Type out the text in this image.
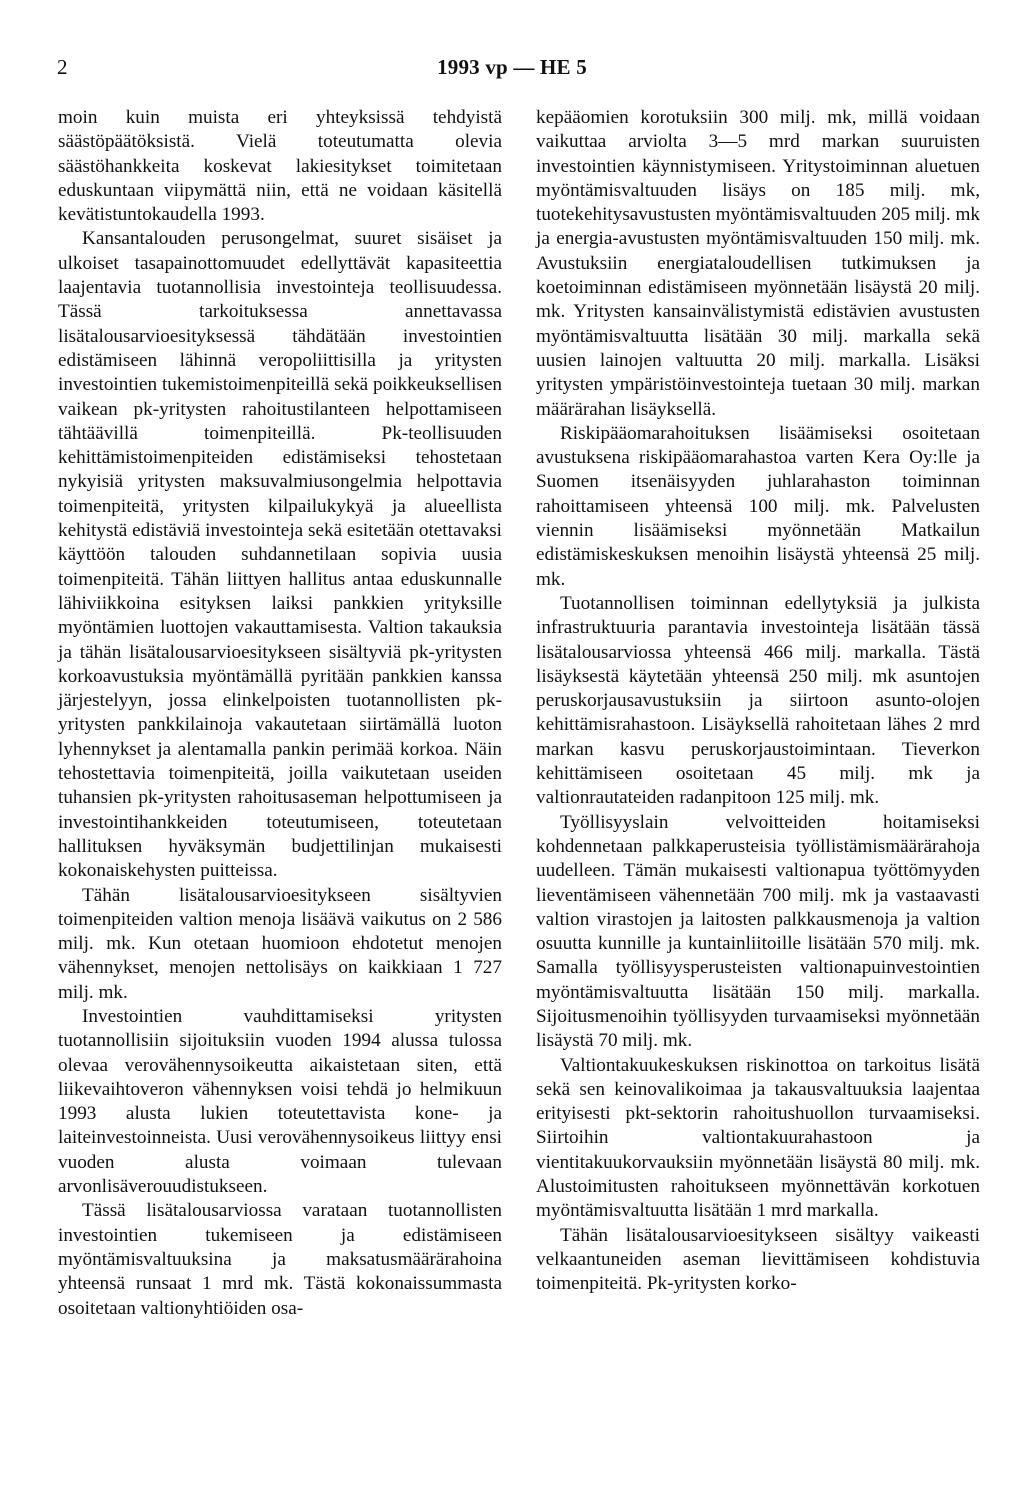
2	1993 vp — HE 5

moin kuin muista eri yhteyksissä tehdyistä säästöpäätöksistä. Vielä toteutumatta olevia säästöhankkeita koskevat lakiesitykset toimitetaan eduskuntaan viipymättä niin, että ne voidaan käsitellä kevätistuntokaudella 1993.

Kansantalouden perusongelmat, suuret sisäiset ja ulkoiset tasapainottomuudet edellyttävät kapasiteettia laajentavia tuotannollisia investointeja teollisuudessa. Tässä tarkoituksessa annettavassa lisätalousarvioesityksessä tähdätään investointien edistämiseen lähinnä veropoliittisilla ja yritysten investointien tukemistoimenpiteillä sekä poikkeuksellisen vaikean pk-yritysten rahoitustilanteen helpottamiseen tähtäävillä toimenpiteillä. Pk-teollisuuden kehittämistoimenpiteiden edistämiseksi tehostetaan nykyisiä yritysten maksuvalmiusongelmia helpottavia toimenpiteitä, yritysten kilpailukykyä ja alueellista kehitystä edistäviä investointeja sekä esitetään otettavaksi käyttöön talouden suhdannetilaan sopivia uusia toimenpiteitä. Tähän liittyen hallitus antaa eduskunnalle lähiviikkoina esityksen laiksi pankkien yrityksille myöntämien luottojen vakauttamisesta. Valtion takauksia ja tähän lisätalousarvioesitykseen sisältyviä pk-yritysten korkoavustuksia myöntämällä pyritään pankkien kanssa järjestelyyn, jossa elinkelpoisten tuotannollisten pk-yritysten pankkilainoja vakautetaan siirtämällä luoton lyhennykset ja alentamalla pankin perimää korkoa. Näin tehostettavia toimenpiteitä, joilla vaikutetaan useiden tuhansien pk-yritysten rahoitusaseman helpottumiseen ja investointihankkeiden toteutumiseen, toteutetaan hallituksen hyväksymän budjettilinjan mukaisesti kokonaiskehysten puitteissa.

Tähän lisätalousarvioesitykseen sisältyvien toimenpiteiden valtion menoja lisäävä vaikutus on 2 586 milj. mk. Kun otetaan huomioon ehdotetut menojen vähennykset, menojen nettolisäys on kaikkiaan 1 727 milj. mk.

Investointien vauhdittamiseksi yritysten tuotannollisiin sijoituksiin vuoden 1994 alussa tulossa olevaa verovähennysoikeutta aikaistetaan siten, että liikevaihtoveron vähennyksen voisi tehdä jo helmikuun 1993 alusta lukien toteutettavista kone- ja laiteinvestoinneista. Uusi verovähennysoikeus liittyy ensi vuoden alusta voimaan tulevaan arvonlisäverouudistukseen.

Tässä lisätalousarviossa varataan tuotannollisten investointien tukemiseen ja edistämiseen myöntämisvaltuuksina ja maksatusmäärärahoina yhteensä runsaat 1 mrd mk. Tästä kokonaissummasta osoitetaan valtionyhtiöiden osa-

kepääomien korotuksiin 300 milj. mk, millä voidaan vaikuttaa arviolta 3—5 mrd markan suuruisten investointien käynnistymiseen. Yritystoiminnan aluetuen myöntämisvaltuuden lisäys on 185 milj. mk, tuotekehitysavustusten myöntämisvaltuuden 205 milj. mk ja energia-avustusten myöntämisvaltuuden 150 milj. mk. Avustuksiin energiataloudellisen tutkimuksen ja koetoiminnan edistämiseen myönnetään lisäystä 20 milj. mk. Yritysten kansainvälistymistä edistävien avustusten myöntämisvaltuutta lisätään 30 milj. markalla sekä uusien lainojen valtuutta 20 milj. markalla. Lisäksi yritysten ympäristöinvestointeja tuetaan 30 milj. markan määrärahan lisäyksellä.

Riskipääomarahoituksen lisäämiseksi osoitetaan avustuksena riskipääomarahastoa varten Kera Oy:lle ja Suomen itsenäisyyden juhlarahaston toiminnan rahoittamiseen yhteensä 100 milj. mk. Palvelusten viennin lisäämiseksi myönnetään Matkailun edistämiskeskuksen menoihin lisäystä yhteensä 25 milj. mk.

Tuotannollisen toiminnan edellytyksiä ja julkista infrastruktuuria parantavia investointeja lisätään tässä lisätalousarviossa yhteensä 466 milj. markalla. Tästä lisäyksestä käytetään yhteensä 250 milj. mk asuntojen peruskorjausavustuksiin ja siirtoon asunto-olojen kehittämisrahastoon. Lisäyksellä rahoitetaan lähes 2 mrd markan kasvu peruskorjaustoimintaan. Tieverkon kehittämiseen osoitetaan 45 milj. mk ja valtionrautateiden radanpitoon 125 milj. mk.

Työllisyyslain velvoitteiden hoitamiseksi kohdennetaan palkkaperusteisia työllistämismäärärahoja uudelleen. Tämän mukaisesti valtionapua työttömyyden lieventämiseen vähennetään 700 milj. mk ja vastaavasti valtion virastojen ja laitosten palkkausmenoja ja valtion osuutta kunnille ja kuntainliitoille lisätään 570 milj. mk. Samalla työllisyysperusteisten valtionapuinvestointien myöntämisvaltuutta lisätään 150 milj. markalla. Sijoitusmenoihin työllisyyden turvaamiseksi myönnetään lisäystä 70 milj. mk.

Valtiontakuukeskuksen riskinottoa on tarkoitus lisätä sekä sen keinovalikoimaa ja takausvaltuuksia laajentaa erityisesti pkt-sektorin rahoitushuollon turvaamiseksi. Siirtoihin valtiontakuurahastoon ja vientitakuukorvauksiin myönnetään lisäystä 80 milj. mk. Alustoimitusten rahoitukseen myönnettävän korkotuen myöntämisvaltuutta lisätään 1 mrd markalla.

Tähän lisätalousarvioesitykseen sisältyy vaikeasti velkaantuneiden aseman lievittämiseen kohdistuvia toimenpiteitä. Pk-yritysten korko-
